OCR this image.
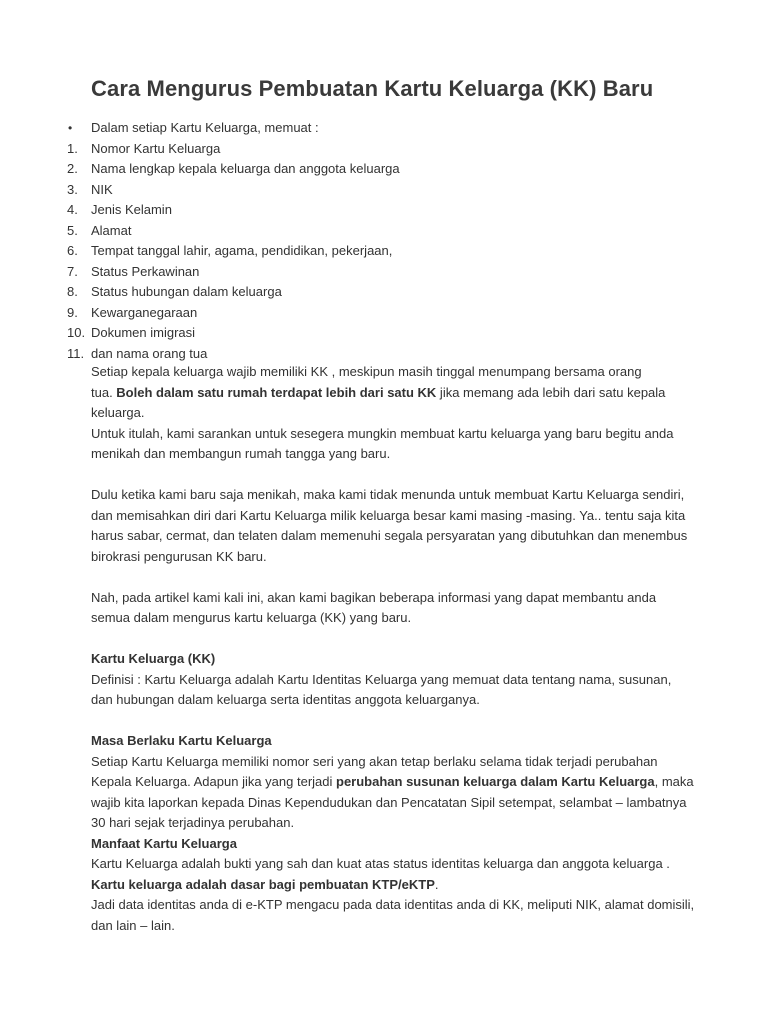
Cara Mengurus Pembuatan Kartu Keluarga (KK) Baru
•	Dalam setiap Kartu Keluarga, memuat :
1.	Nomor Kartu Keluarga
2.	Nama lengkap kepala keluarga dan anggota keluarga
3.	NIK
4.	Jenis Kelamin
5.	Alamat
6.	Tempat tanggal lahir, agama, pendidikan, pekerjaan,
7.	Status Perkawinan
8.	Status hubungan dalam keluarga
9.	Kewarganegaraan
10. Dokumen imigrasi
11. dan nama orang tua

Setiap kepala keluarga wajib memiliki KK , meskipun masih tinggal menumpang bersama orang

tua. Boleh dalam satu rumah terdapat lebih dari satu KK jika memang ada lebih dari satu kepala

keluarga.

Untuk itulah, kami sarankan untuk sesegera mungkin membuat kartu keluarga yang baru begitu anda

menikah dan membangun rumah tangga yang baru.

Dulu ketika kami baru saja menikah, maka kami tidak menunda untuk membuat Kartu Keluarga sendiri,

dan memisahkan diri dari Kartu Keluarga milik keluarga besar kami masing -masing. Ya.. tentu saja kita

harus sabar, cermat, dan telaten dalam memenuhi segala persyaratan yang dibutuhkan dan menembus

birokrasi pengurusan KK baru.

Nah, pada artikel kami kali ini, akan kami bagikan beberapa informasi yang dapat membantu anda

semua dalam mengurus kartu keluarga (KK) yang baru.

Kartu Keluarga (KK)

Definisi : Kartu Keluarga adalah Kartu Identitas Keluarga yang memuat data tentang nama, susunan,

dan hubungan dalam keluarga serta identitas anggota keluarganya.

Masa Berlaku Kartu Keluarga

Setiap Kartu Keluarga memiliki nomor seri yang akan tetap berlaku selama tidak terjadi perubahan

Kepala Keluarga. Adapun jika yang terjadi perubahan susunan keluarga dalam Kartu Keluarga, maka

wajib kita laporkan kepada Dinas Kependudukan dan Pencatatan Sipil setempat, selambat – lambatnya

30 hari sejak terjadinya perubahan.

Manfaat Kartu Keluarga

Kartu Keluarga adalah bukti yang sah dan kuat atas status identitas keluarga dan anggota keluarga .

Kartu keluarga adalah dasar bagi pembuatan KTP/eKTP.

Jadi data identitas anda di e-KTP mengacu pada data identitas anda di KK, meliputi NIK, alamat domisili,

dan lain – lain.
